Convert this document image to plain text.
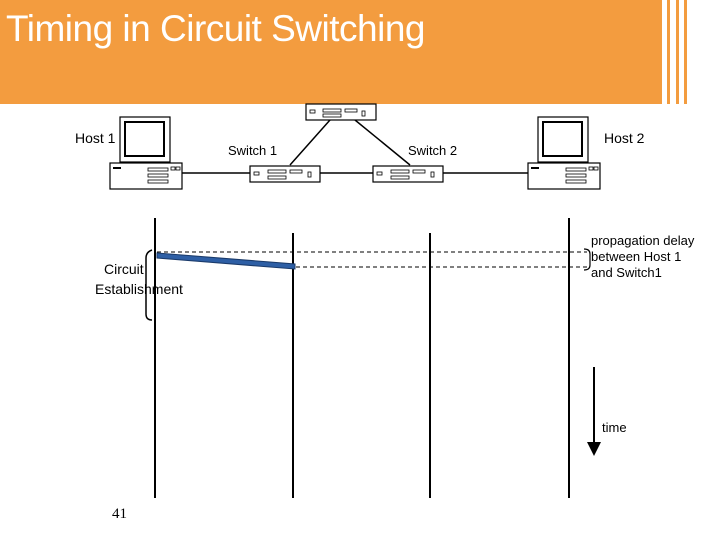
Timing in Circuit Switching
Host 1
Switch 1	Switch 2
Host 2
Circuit
Establishment
propagation delay
between Host 1
and Switch1
time
41
